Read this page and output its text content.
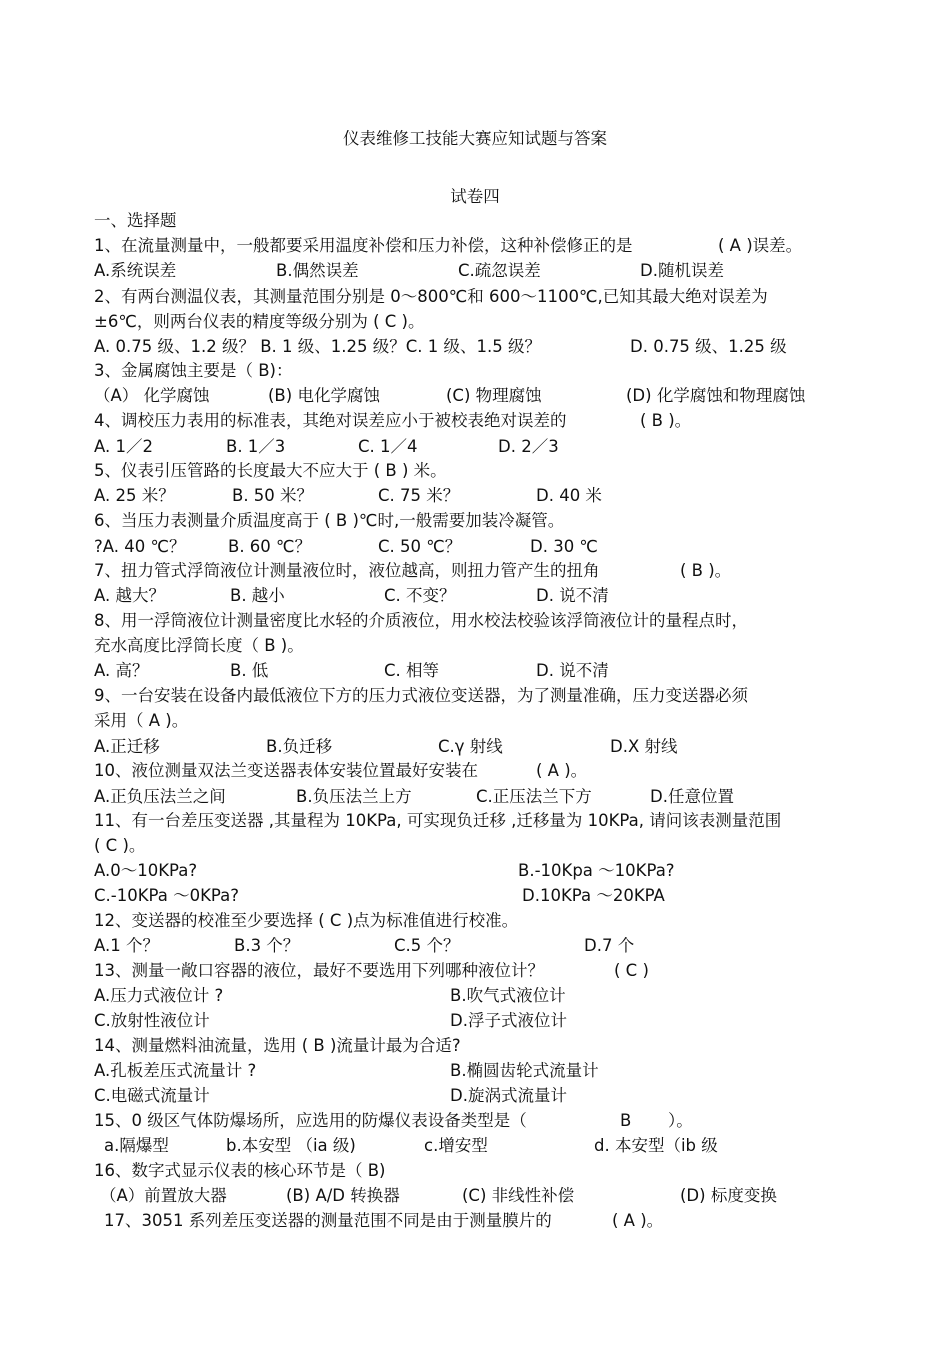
仪表维修工技能大赛应知试题与答案
试卷四
一、选择题
1、在流量测量中，一般都要采用温度补偿和压力补偿，这种补偿修正的是	( A )误差。
A.系统误差	B.偶然误差	C.疏忽误差	D.随机误差
2、有两台测温仪表，其测量范围分别是 0～800℃和 600～1100℃,已知其最大绝对误差为
±6℃，则两台仪表的精度等级分别为 ( C )。
A. 0.75 级、1.2 级？ B. 1 级、1.25 级？C. 1 级、1.5 级？	D. 0.75 级、1.25 级
3、金属腐蚀主要是（ B)：
（A） 化学腐蚀	(B) 电化学腐蚀	(C) 物理腐蚀	(D) 化学腐蚀和物理腐蚀
4、调校压力表用的标准表，其绝对误差应小于被校表绝对误差的	( B )。
A. 1／2	B. 1／3	C. 1／4	D. 2／3
5、仪表引压管路的长度最大不应大于 ( B ) 米。
A. 25 米？	B. 50 米？	C. 75 米？	D. 40 米
6、当压力表测量介质温度高于 ( B )℃时,一般需要加装冷凝管。
?A. 40 ℃？	B. 60 ℃？	C. 50 ℃？	D. 30 ℃
7、扭力管式浮筒液位计测量液位时，液位越高，则扭力管产生的扭角	( B )。
A. 越大？	B. 越小	C. 不变？	D. 说不清
8、用一浮筒液位计测量密度比水轻的介质液位，用水校法校验该浮筒液位计的量程点时，
充水高度比浮筒长度（ B )。
A. 高？	B. 低	C. 相等	D. 说不清
9、一台安装在设备内最低液位下方的压力式液位变送器，为了测量准确，压力变送器必须
采用（ A )。
A.正迁移	B.负迁移	C.γ 射线	D.X 射线
10、液位测量双法兰变送器表体安装位置最好安装在	( A )。
A.正负压法兰之间	B.负压法兰上方	C.正压法兰下方	D.任意位置
11、有一台差压变送器 ,其量程为 10KPa, 可实现负迁移 ,迁移量为 10KPa, 请问该表测量范围
( C )。
A.0～10KPa?	B.-10Kpa ～10KPa?
C.-10KPa ～0KPa?	D.10KPa ～20KPA
12、变送器的校准至少要选择 ( C )点为标准值进行校准。
A.1 个？	B.3 个？	C.5 个？	D.7 个
13、测量一敞口容器的液位，最好不要选用下列哪种液位计？	( C )
A.压力式液位计 ?	B.吹气式液位计
C.放射性液位计	D.浮子式液位计
14、测量燃料油流量，选用 ( B )流量计最为合适?
A.孔板差压式流量计 ?	B.椭圆齿轮式流量计
C.电磁式流量计	D.旋涡式流量计
15、0 级区气体防爆场所，应选用的防爆仪表设备类型是（	B ）。
a.隔爆型	b.本安型 （ia 级)	c.增安型	d. 本安型（ib 级
16、数字式显示仪表的核心环节是（ B)
（A）前置放大器	(B) A/D 转换器	(C) 非线性补偿	(D) 标度变换
17、3051 系列差压变送器的测量范围不同是由于测量膜片的	( A )。
